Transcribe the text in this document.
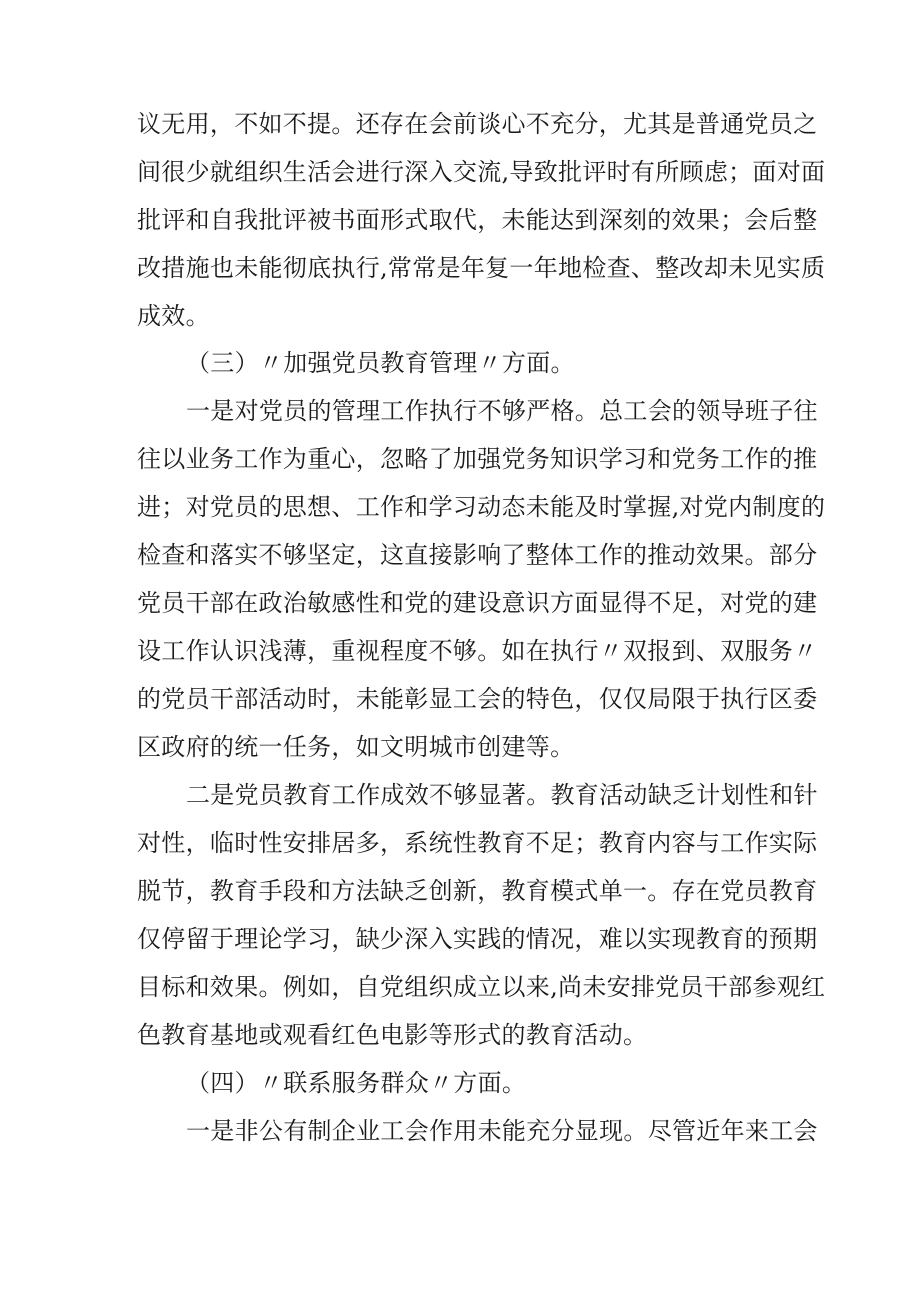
议无用，不如不提。还存在会前谈心不充分，尤其是普通党员之
间很少就组织生活会进行深入交流,导致批评时有所顾虑；面对面
批评和自我批评被书面形式取代，未能达到深刻的效果；会后整
改措施也未能彻底执行,常常是年复一年地检查、整改却未见实质
成效。
（三）〃加强党员教育管理〃方面。
一是对党员的管理工作执行不够严格。总工会的领导班子往
往以业务工作为重心，忽略了加强党务知识学习和党务工作的推
进；对党员的思想、工作和学习动态未能及时掌握,对党内制度的
检查和落实不够坚定，这直接影响了整体工作的推动效果。部分
党员干部在政治敏感性和党的建设意识方面显得不足，对党的建
设工作认识浅薄，重视程度不够。如在执行〃双报到、双服务〃
的党员干部活动时，未能彰显工会的特色，仅仅局限于执行区委
区政府的统一任务，如文明城市创建等。
二是党员教育工作成效不够显著。教育活动缺乏计划性和针
对性，临时性安排居多，系统性教育不足；教育内容与工作实际
脱节，教育手段和方法缺乏创新，教育模式单一。存在党员教育
仅停留于理论学习，缺少深入实践的情况，难以实现教育的预期
目标和效果。例如，自党组织成立以来,尚未安排党员干部参观红
色教育基地或观看红色电影等形式的教育活动。
（四）〃联系服务群众〃方面。
一是非公有制企业工会作用未能充分显现。尽管近年来工会
